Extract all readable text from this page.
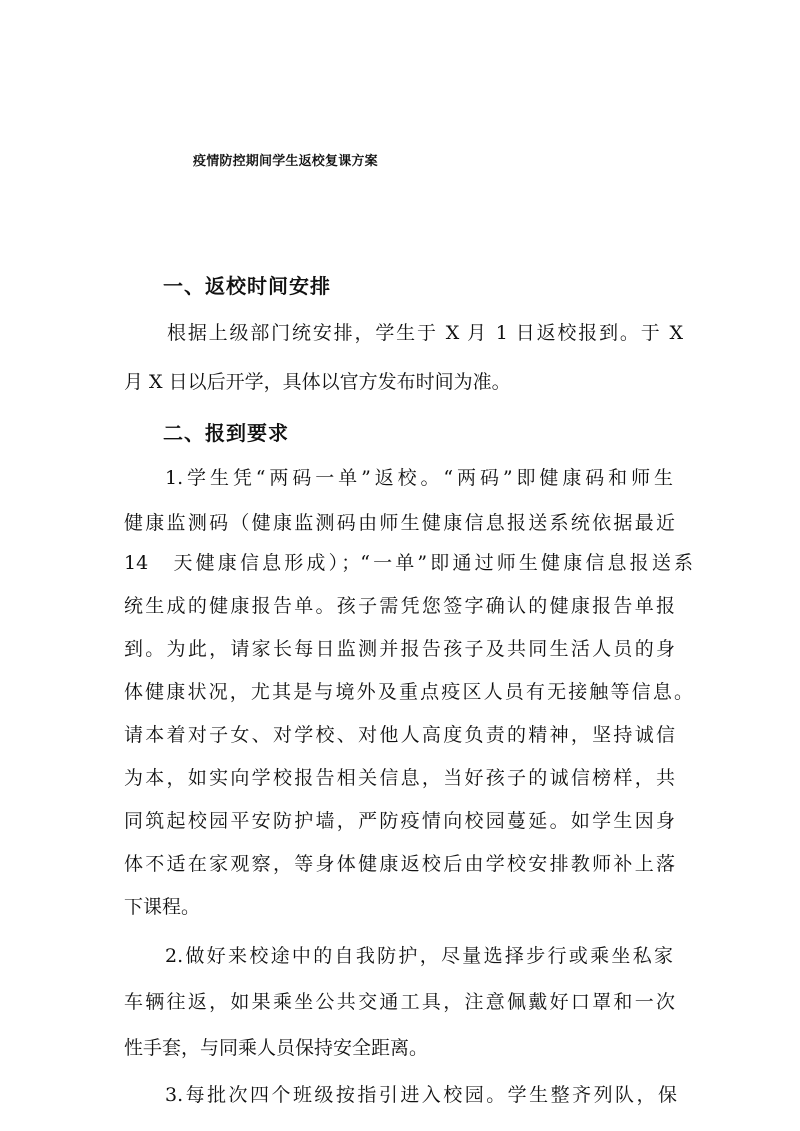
疫情防控期间学生返校复课方案
一、返校时间安排
根据上级部门统安排，学生于 X 月 1 日返校报到。于 X
月 X 日以后开学，具体以官方发布时间为准。
二、报到要求
1.学生凭“两码一单”返校。“两码”即健康码和师生
健康监测码（健康监测码由师生健康信息报送系统依据最近
14　天健康信息形成）；“一单”即通过师生健康信息报送系
统生成的健康报告单。孩子需凭您签字确认的健康报告单报
到。为此，请家长每日监测并报告孩子及共同生活人员的身
体健康状况，尤其是与境外及重点疫区人员有无接触等信息。
请本着对子女、对学校、对他人高度负责的精神，坚持诚信
为本，如实向学校报告相关信息，当好孩子的诚信榜样，共
同筑起校园平安防护墙，严防疫情向校园蔓延。如学生因身
体不适在家观察，等身体健康返校后由学校安排教师补上落
下课程。
2.做好来校途中的自我防护，尽量选择步行或乘坐私家
车辆往返，如果乘坐公共交通工具，注意佩戴好口罩和一次
性手套，与同乘人员保持安全距离。
3.每批次四个班级按指引进入校园。学生整齐列队，保
